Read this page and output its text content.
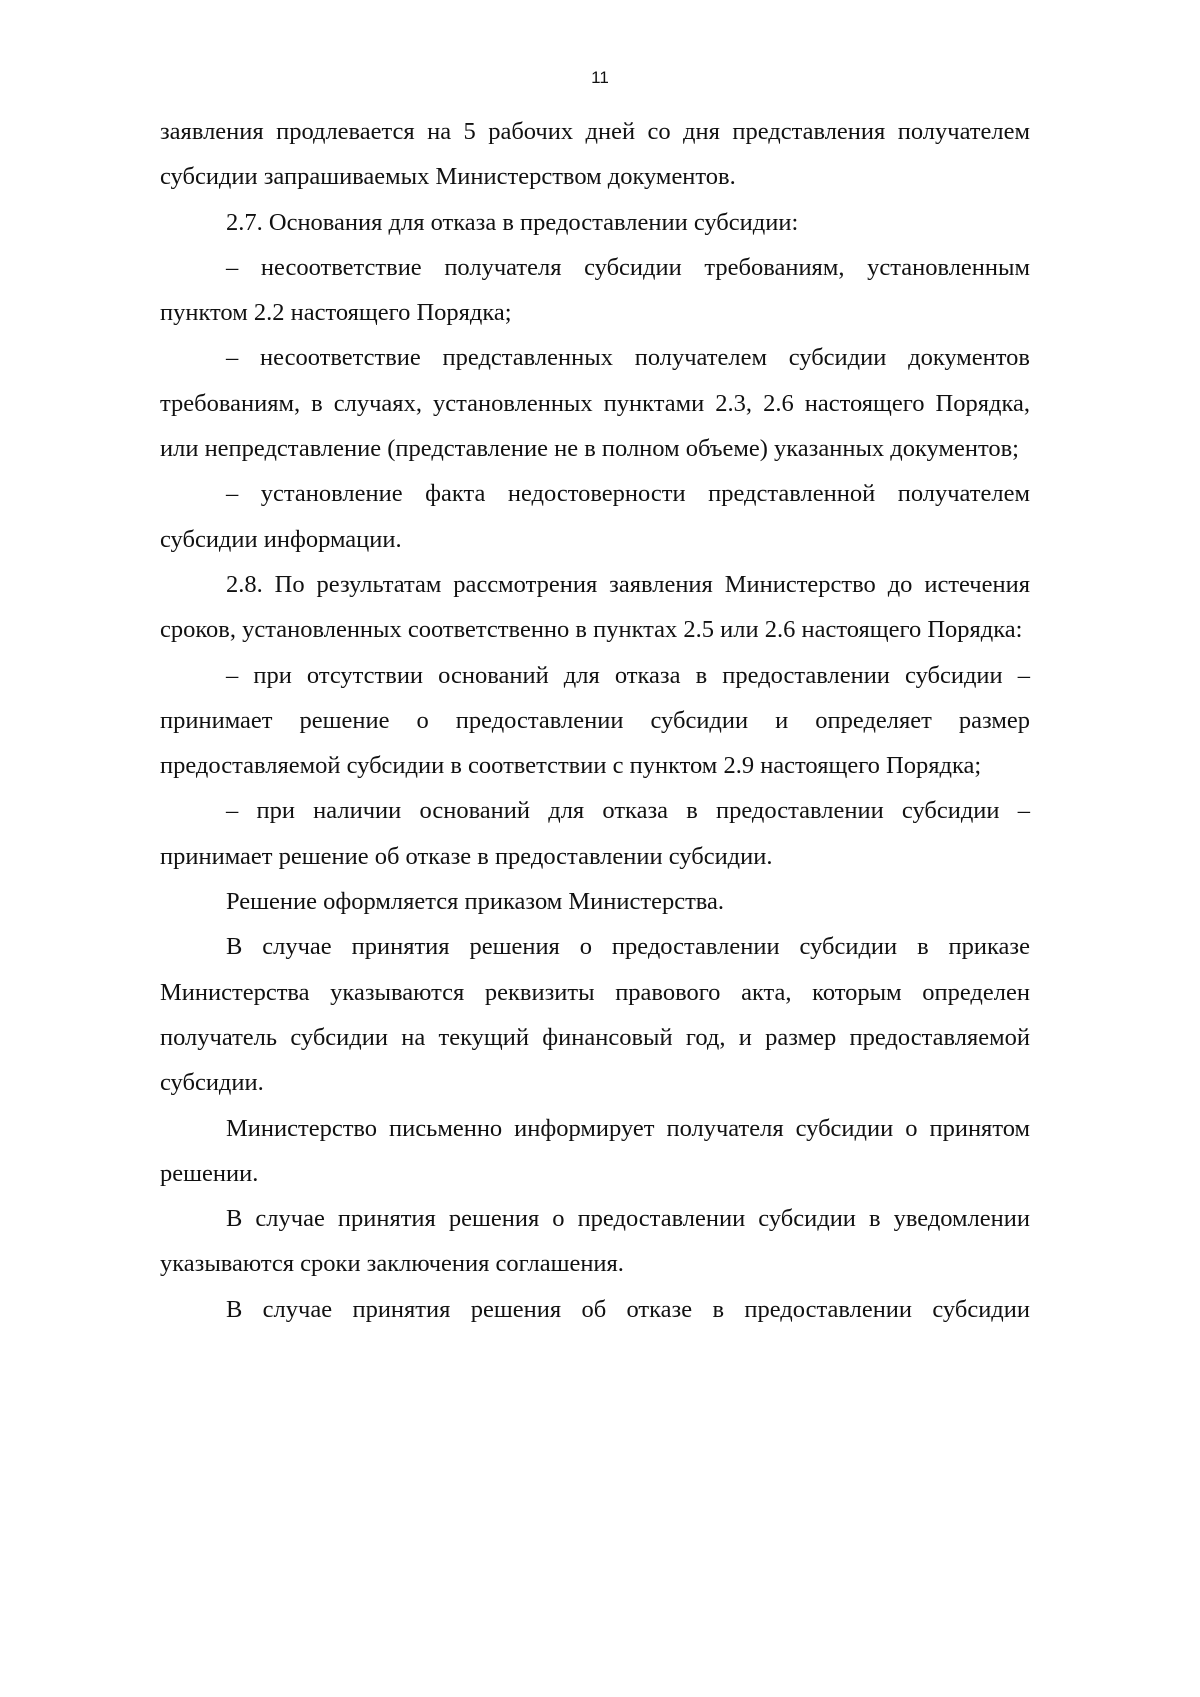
11

заявления продлевается на 5 рабочих дней со дня представления получателем субсидии запрашиваемых Министерством документов.

2.7. Основания для отказа в предоставлении субсидии:

– несоответствие получателя субсидии требованиям, установленным пунктом 2.2 настоящего Порядка;

– несоответствие представленных получателем субсидии документов требованиям, в случаях, установленных пунктами 2.3, 2.6 настоящего Порядка, или непредставление (представление не в полном объеме) указанных документов;

– установление факта недостоверности представленной получателем субсидии информации.

2.8. По результатам рассмотрения заявления Министерство до истечения сроков, установленных соответственно в пунктах 2.5 или 2.6 настоящего Порядка:

– при отсутствии оснований для отказа в предоставлении субсидии – принимает решение о предоставлении субсидии и определяет размер предоставляемой субсидии в соответствии с пунктом 2.9 настоящего Порядка;

– при наличии оснований для отказа в предоставлении субсидии – принимает решение об отказе в предоставлении субсидии.

Решение оформляется приказом Министерства.

В случае принятия решения о предоставлении субсидии в приказе Министерства указываются реквизиты правового акта, которым определен получатель субсидии на текущий финансовый год, и размер предоставляемой субсидии.

Министерство письменно информирует получателя субсидии о принятом решении.

В случае принятия решения о предоставлении субсидии в уведомлении указываются сроки заключения соглашения.

В случае принятия решения об отказе в предоставлении субсидии
